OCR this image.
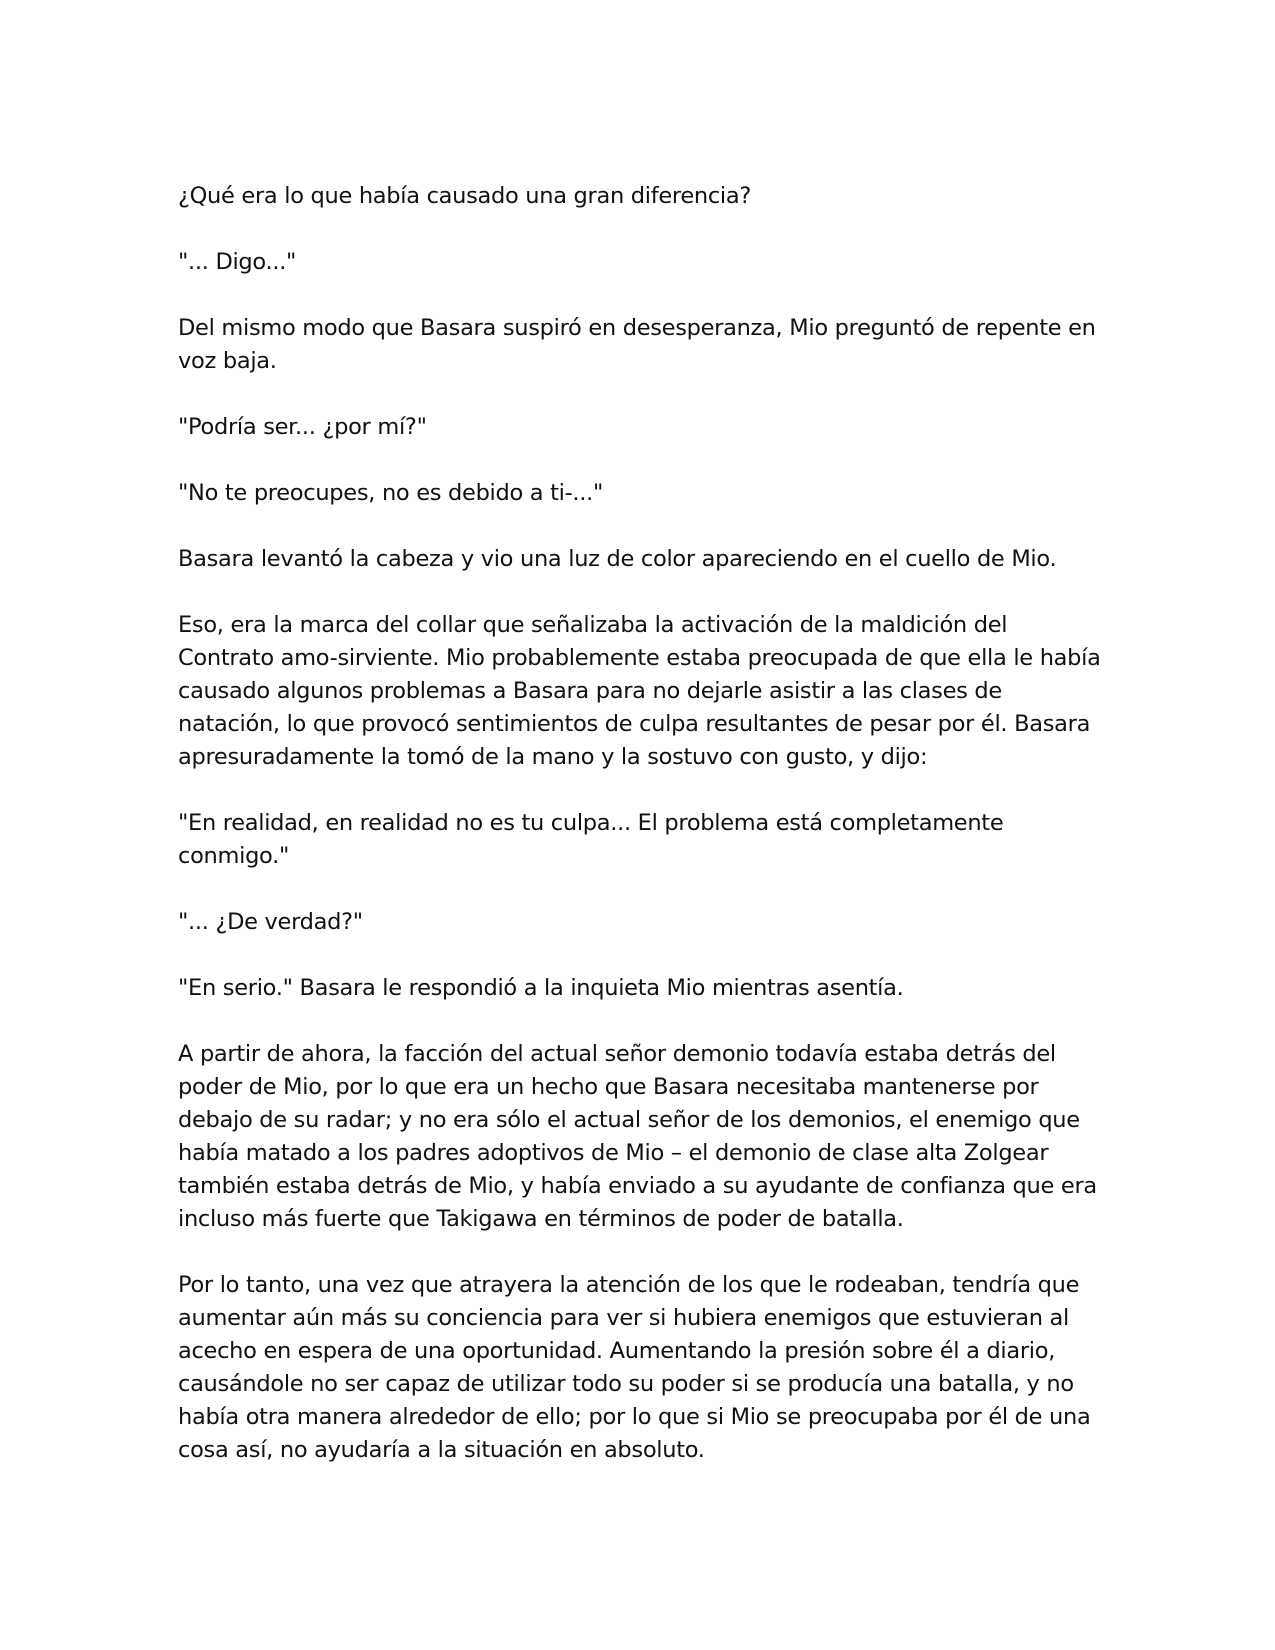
¿Qué era lo que había causado una gran diferencia?

"... Digo..."

Del mismo modo que Basara suspiró en desesperanza, Mio preguntó de repente en voz baja.

"Podría ser... ¿por mí?"

"No te preocupes, no es debido a ti-..."

Basara levantó la cabeza y vio una luz de color apareciendo en el cuello de Mio.

Eso, era la marca del collar que señalizaba la activación de la maldición del Contrato amo-sirviente. Mio probablemente estaba preocupada de que ella le había causado algunos problemas a Basara para no dejarle asistir a las clases de natación, lo que provocó sentimientos de culpa resultantes de pesar por él. Basara apresuradamente la tomó de la mano y la sostuvo con gusto, y dijo:

"En realidad, en realidad no es tu culpa... El problema está completamente conmigo."

"... ¿De verdad?"

"En serio." Basara le respondió a la inquieta Mio mientras asentía.

A partir de ahora, la facción del actual señor demonio todavía estaba detrás del poder de Mio, por lo que era un hecho que Basara necesitaba mantenerse por debajo de su radar; y no era sólo el actual señor de los demonios, el enemigo que había matado a los padres adoptivos de Mio – el demonio de clase alta Zolgear también estaba detrás de Mio, y había enviado a su ayudante de confianza que era incluso más fuerte que Takigawa en términos de poder de batalla.

Por lo tanto, una vez que atrayera la atención de los que le rodeaban, tendría que aumentar aún más su conciencia para ver si hubiera enemigos que estuvieran al acecho en espera de una oportunidad. Aumentando la presión sobre él a diario, causándole no ser capaz de utilizar todo su poder si se producía una batalla, y no había otra manera alrededor de ello; por lo que si Mio se preocupaba por él de una cosa así, no ayudaría a la situación en absoluto.
